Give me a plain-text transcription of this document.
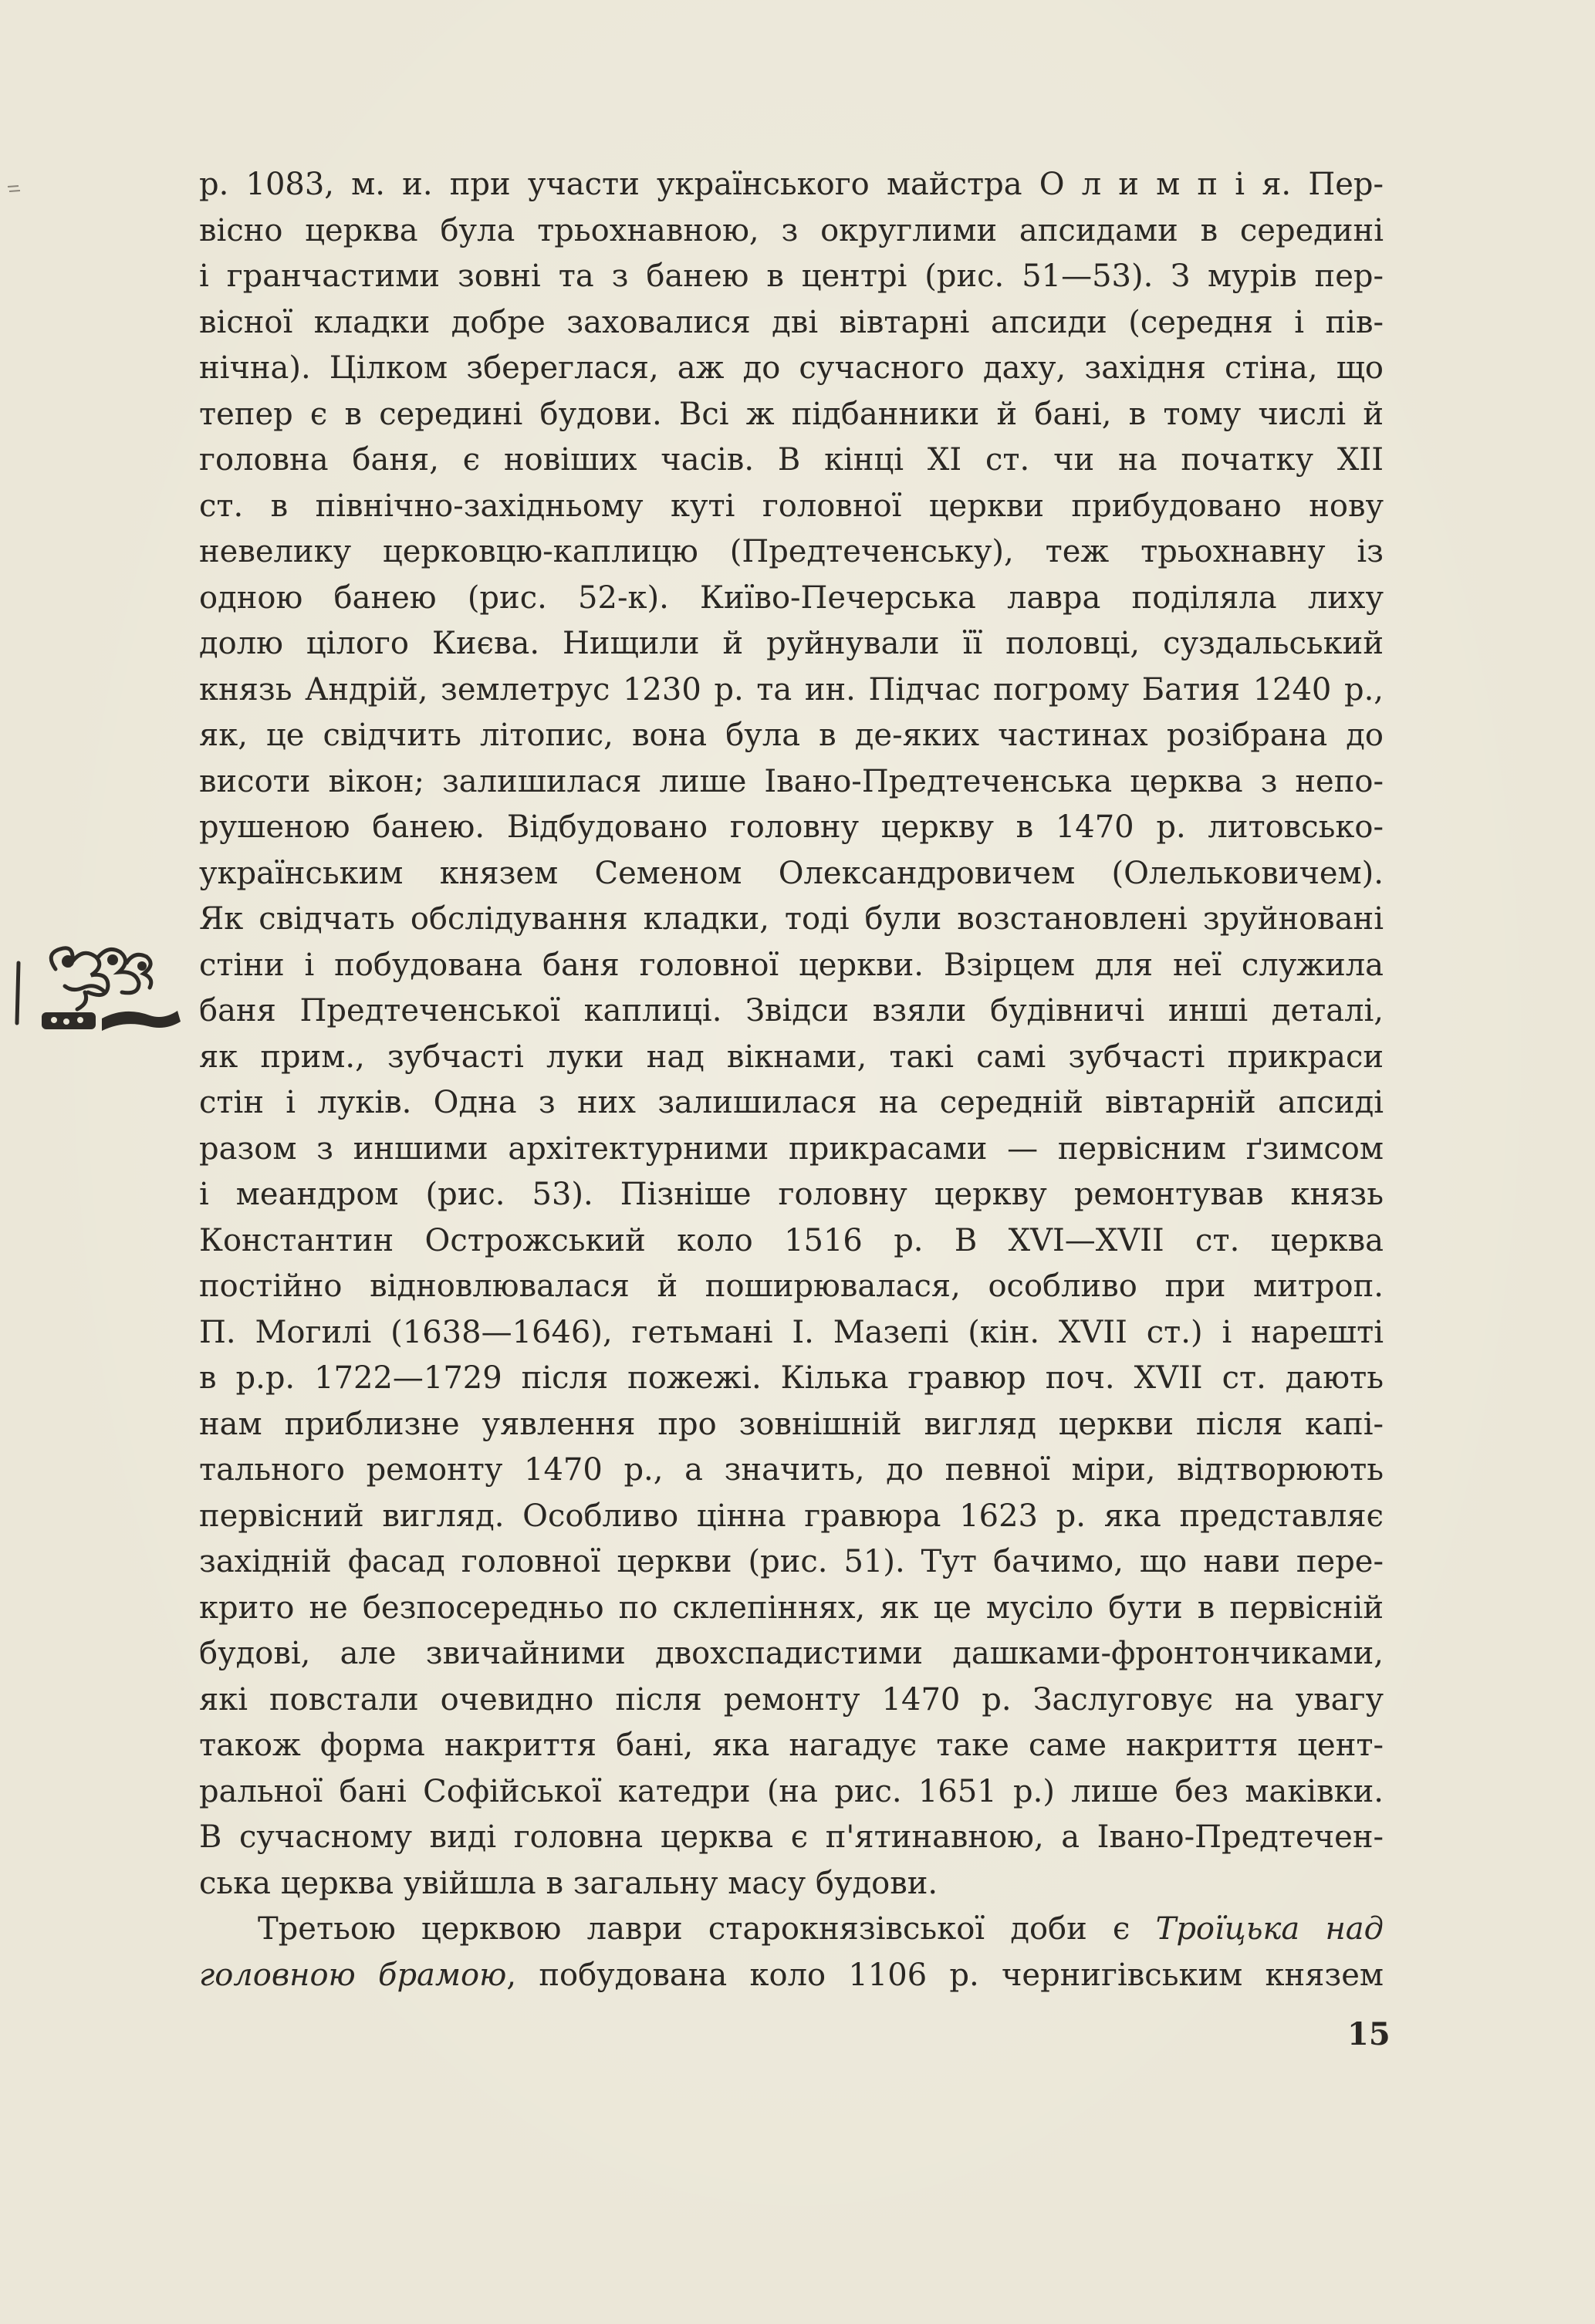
р. 1083, м. и. при участи українського майстра О л и м п і я. Пер-
вісно церква була трьохнавною, з округлими апсидами в середині
і гранчастими зовні та з банею в центрі (рис. 51—53). З мурів пер-
вісної кладки добре заховалися дві вівтарні апсиди (середня і пів-
нічна). Цілком збереглася, аж до сучасного даху, західня стіна, що
тепер є в середині будови. Всі ж підбанники й бані, в тому числі й
головна баня, є новіших часів. В кінці XI ст. чи на початку XII
ст. в північно-західньому куті головної церкви прибудовано нову
невелику церковцю-каплицю (Предтеченську), теж трьохнавну із
одною банею (рис. 52-к). Київо-Печерська лавра поділяла лиху
долю цілого Києва. Нищили й руйнували її половці, суздальський
князь Андрій, землетрус 1230 р. та ин. Підчас погрому Батия 1240 р.,
як, це свідчить літопис, вона була в де-яких частинах розібрана до
висоти вікон; залишилася лише Івано-Предтеченська церква з непо-
рушеною банею. Відбудовано головну церкву в 1470 р. литовсько-
українським князем Семеном Олександровичем (Олельковичем).
Як свідчать обслідування кладки, тоді були возстановлені зруйновані
стіни і побудована баня головної церкви. Взірцем для неї служила
баня Предтеченської каплиці. Звідси взяли будівничі инші деталі,
як прим., зубчасті луки над вікнами, такі самі зубчасті прикраси
стін і луків. Одна з них залишилася на середній вівтарній апсиді
разом з иншими архітектурними прикрасами — первісним ґзимсом
і меандром (рис. 53). Пізніше головну церкву ремонтував князь
Константин Острожський коло 1516 р. В XVI—XVII ст. церква
постійно відновлювалася й поширювалася, особливо при митроп.
П. Могилі (1638—1646), гетьмані І. Мазепі (кін. XVII ст.) і нарешті
в р.р. 1722—1729 після пожежі. Кілька гравюр поч. XVII ст. дають
нам приблизне уявлення про зовнішній вигляд церкви після капі-
тального ремонту 1470 р., а значить, до певної міри, відтворюють
первісний вигляд. Особливо цінна гравюра 1623 р. яка представляє
західній фасад головної церкви (рис. 51). Тут бачимо, що нави пере-
крито не безпосередньо по склепіннях, як це мусіло бути в первісній
будові, але звичайними двохспадистими дашками-фронтончиками,
які повстали очевидно після ремонту 1470 р. Заслуговує на увагу
також форма накриття бані, яка нагадує таке саме накриття цент-
ральної бані Софійської катедри (на рис. 1651 р.) лише без маківки.
В сучасному виді головна церква є п'ятинавною, а Івано-Предтечен-
ська церква увійшла в загальну масу будови.
Третьою церквою лаври старокнязівської доби є Троїцька над
головною брамою, побудована коло 1106 р. чернигівським князем
15
